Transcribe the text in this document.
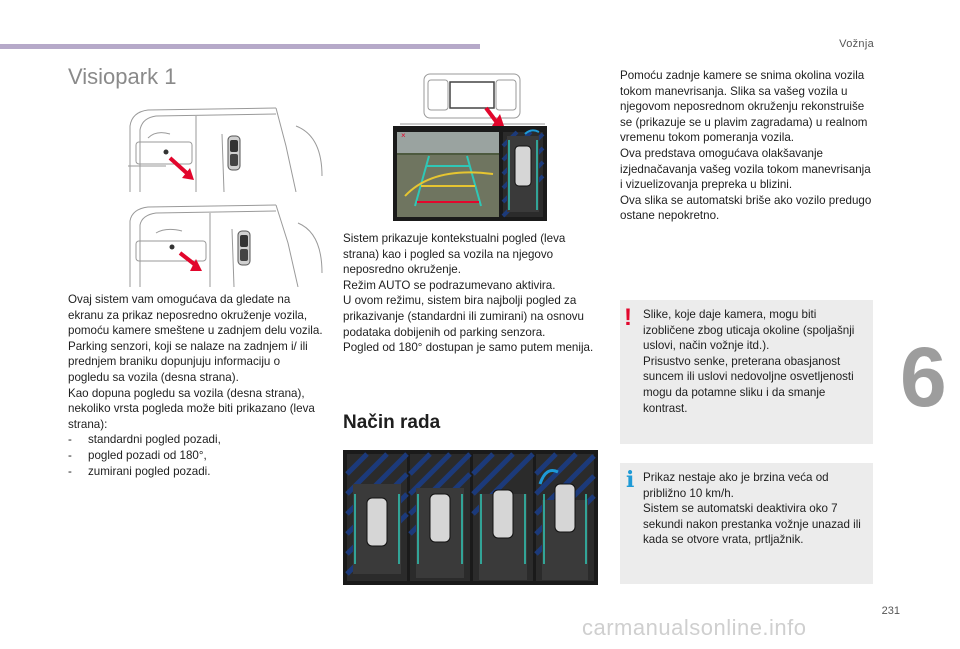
Vožnja
6
231
carmanualsonline.info
Visiopark 1

Ovaj sistem vam omogućava da gledate na ekranu za prikaz neposredno okruženje vozila, pomoću kamere smeštene u zadnjem delu vozila.

Parking senzori, koji se nalaze na zadnjem i/ ili prednjem braniku dopunjuju informaciju o pogledu sa vozila (desna strana).

Kao dopuna pogledu sa vozila (desna strana), nekoliko vrsta pogleda može biti prikazano (leva strana):

- standardni pogled pozadi,
- pogled pozadi od 180°,
- zumirani pogled pozadi.
×

Sistem prikazuje kontekstualni pogled (leva strana) kao i pogled sa vozila na njegovo neposredno okruženje.

Režim AUTO se podrazumevano aktivira.

U ovom režimu, sistem bira najbolji pogled za prikazivanje (standardni ili zumirani) na osnovu podataka dobijenih od parking senzora.

Pogled od 180° dostupan je samo putem menija.

Način rada

Pomoću zadnje kamere se snima okolina vozila tokom manevrisanja. Slika sa vašeg vozila u njegovom neposrednom okruženju rekonstruiše se (prikazuje se u plavim zagradama) u realnom vremenu tokom pomeranja vozila.

Ova predstava omogućava olakšavanje izjednačavanja vašeg vozila tokom manevrisanja i vizuelizovanja prepreka u blizini.

Ova slika se automatski briše ako vozilo predugo ostane nepokretno.

! Slike, koje daje kamera, mogu biti izobličene zbog uticaja okoline (spoljašnji uslovi, način vožnje itd.).

Prisustvo senke, preterana obasjanost suncem ili uslovi nedovoljne osvetljenosti mogu da potamne sliku i da smanje kontrast.

i Prikaz nestaje ako je brzina veća od približno 10 km/h.

Sistem se automatski deaktivira oko 7 sekundi nakon prestanka vožnje unazad ili kada se otvore vrata, prtljažnik.
